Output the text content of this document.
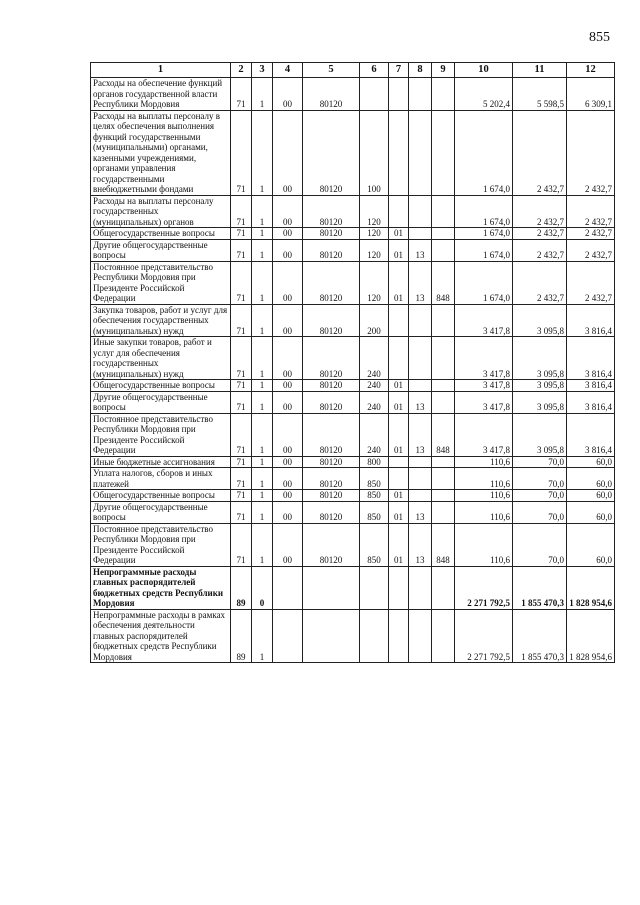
855
1	2	3	4	5	6	7	8	9	10	11	12
Расходы на обеспечение функций органов государственной власти Республики Мордовия	71	1	00	80120					5 202,4	5 598,5	6 309,1
Расходы на выплаты персоналу в целях обеспечения выполнения функций государственными (муниципальными) органами, казенными учреждениями, органами управления государственными внебюджетными фондами	71	1	00	80120	100				1 674,0	2 432,7	2 432,7
Расходы на выплаты персоналу государственных (муниципальных) органов	71	1	00	80120	120				1 674,0	2 432,7	2 432,7
Общегосударственные вопросы	71	1	00	80120	120	01			1 674,0	2 432,7	2 432,7
Другие общегосударственные вопросы	71	1	00	80120	120	01	13		1 674,0	2 432,7	2 432,7
Постоянное представительство Республики Мордовия при Президенте Российской Федерации	71	1	00	80120	120	01	13	848	1 674,0	2 432,7	2 432,7
Закупка товаров, работ и услуг для обеспечения государственных (муниципальных) нужд	71	1	00	80120	200				3 417,8	3 095,8	3 816,4
Иные закупки товаров, работ и услуг для обеспечения государственных (муниципальных) нужд	71	1	00	80120	240				3 417,8	3 095,8	3 816,4
Общегосударственные вопросы	71	1	00	80120	240	01			3 417,8	3 095,8	3 816,4
Другие общегосударственные вопросы	71	1	00	80120	240	01	13		3 417,8	3 095,8	3 816,4
Постоянное представительство Республики Мордовия при Президенте Российской Федерации	71	1	00	80120	240	01	13	848	3 417,8	3 095,8	3 816,4
Иные бюджетные ассигнования	71	1	00	80120	800				110,6	70,0	60,0
Уплата налогов, сборов и иных платежей	71	1	00	80120	850				110,6	70,0	60,0
Общегосударственные вопросы	71	1	00	80120	850	01			110,6	70,0	60,0
Другие общегосударственные вопросы	71	1	00	80120	850	01	13		110,6	70,0	60,0
Постоянное представительство Республики Мордовия при Президенте Российской Федерации	71	1	00	80120	850	01	13	848	110,6	70,0	60,0
Непрограммные расходы главных распорядителей бюджетных средств Республики Мордовия	89	0							2 271 792,5	1 855 470,3	1 828 954,6
Непрограммные расходы в рамках обеспечения деятельности главных распорядителей бюджетных средств Республики Мордовия	89	1							2 271 792,5	1 855 470,3	1 828 954,6
